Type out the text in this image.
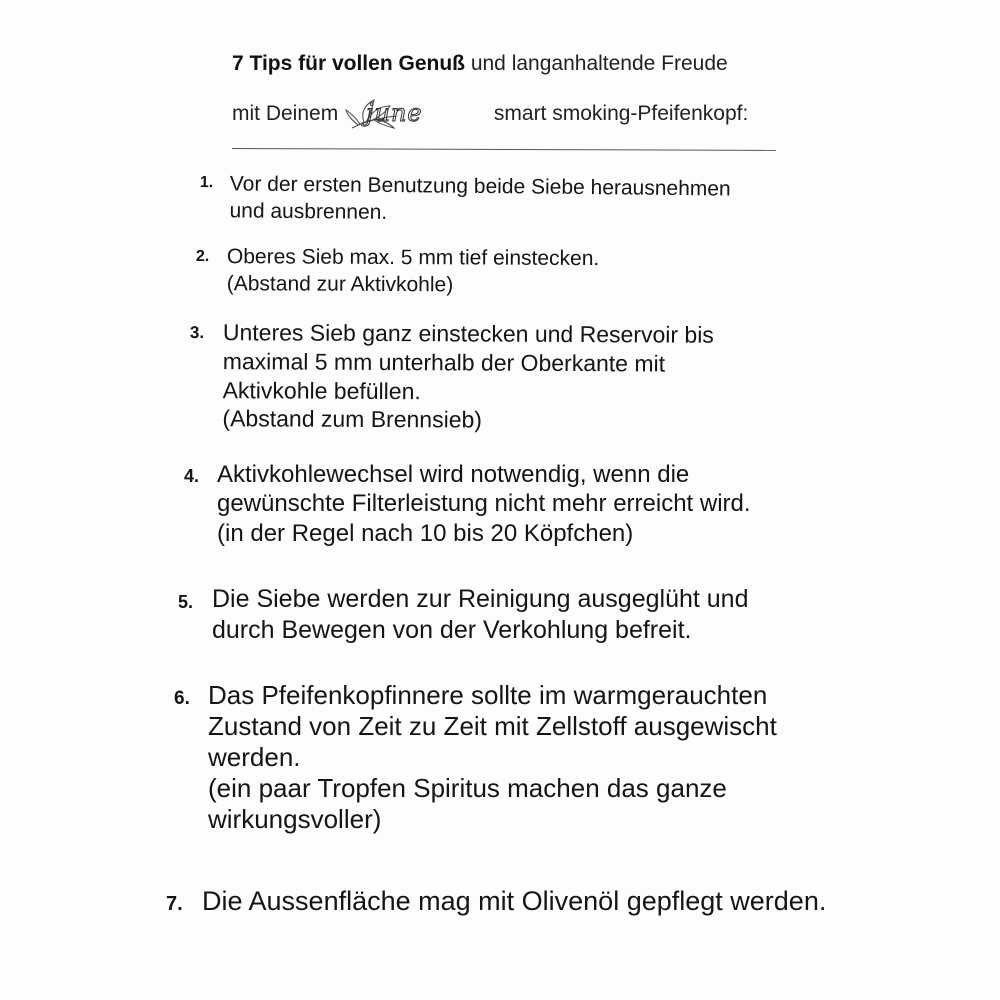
7 Tips für vollen Genuß und langanhaltende Freude
mit Deinem june	smart smoking-Pfeifenkopf:
1. Vor der ersten Benutzung beide Siebe herausnehmen
und ausbrennen.
2. Oberes Sieb max. 5 mm tief einstecken.
(Abstand zur Aktivkohle)
3. Unteres Sieb ganz einstecken und Reservoir bis
maximal 5 mm unterhalb der Oberkante mit
Aktivkohle befüllen.
(Abstand zum Brennsieb)
4. Aktivkohlewechsel wird notwendig, wenn die
gewünschte Filterleistung nicht mehr erreicht wird.
(in der Regel nach 10 bis 20 Köpfchen)
5. Die Siebe werden zur Reinigung ausgeglüht und
durch Bewegen von der Verkohlung befreit.
6. Das Pfeifenkopfinnere sollte im warmgerauchten
Zustand von Zeit zu Zeit mit Zellstoff ausgewischt
werden.
(ein paar Tropfen Spiritus machen das ganze
wirkungsvoller)
7. Die Aussenfläche mag mit Olivenöl gepflegt werden.
